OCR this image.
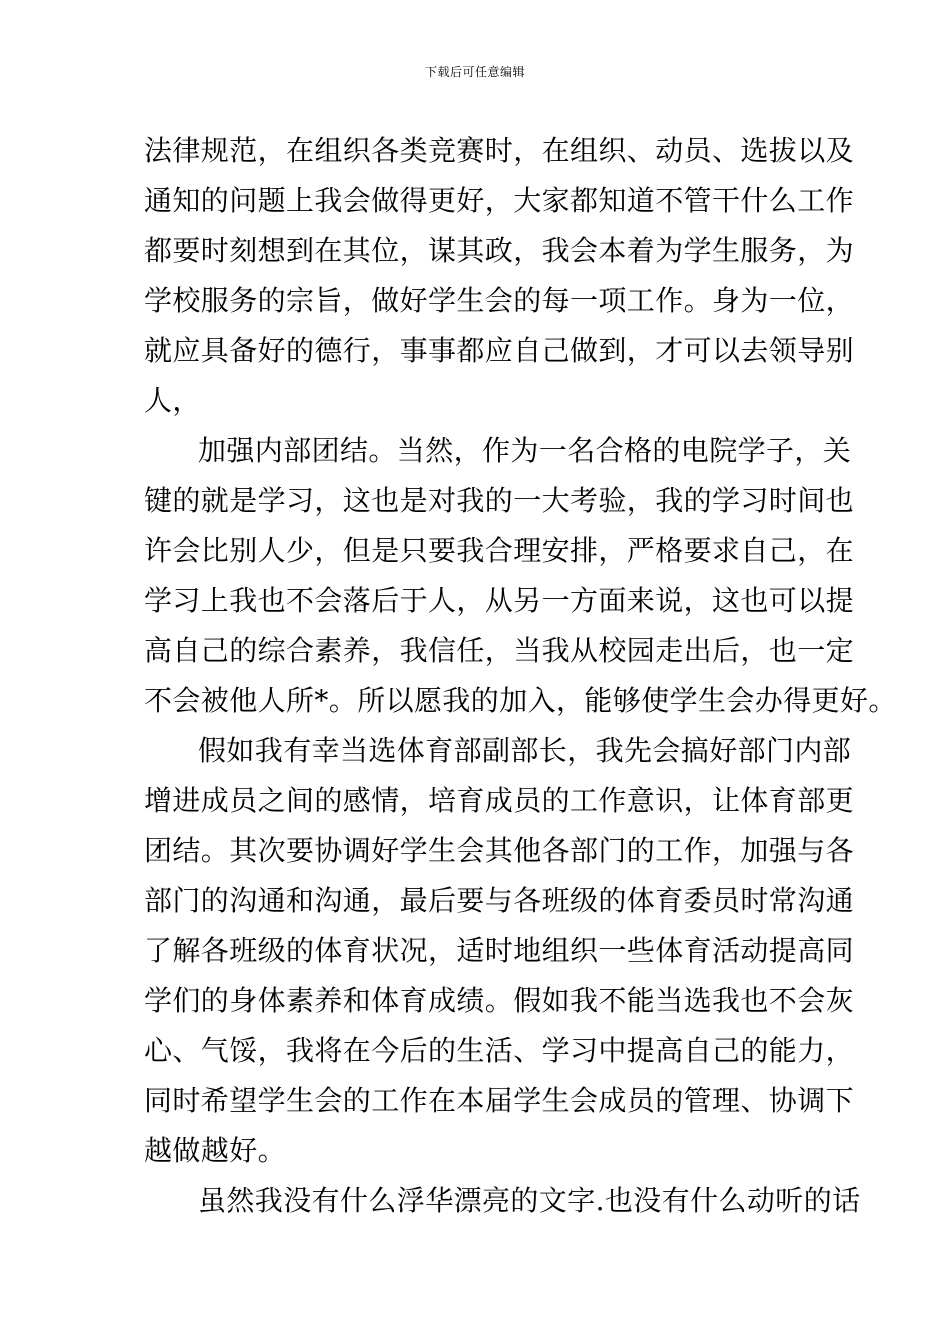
下载后可任意编辑
法律规范，在组织各类竞赛时，在组织、动员、选拔以及
通知的问题上我会做得更好，大家都知道不管干什么工作
都要时刻想到在其位，谋其政，我会本着为学生服务，为
学校服务的宗旨，做好学生会的每一项工作。身为一位，
就应具备好的德行，事事都应自己做到，才可以去领导别
人，
加强内部团结。当然，作为一名合格的电院学子，关
键的就是学习，这也是对我的一大考验，我的学习时间也
许会比别人少，但是只要我合理安排，严格要求自己，在
学习上我也不会落后于人，从另一方面来说，这也可以提
高自己的综合素养，我信任，当我从校园走出后，也一定
不会被他人所*。所以愿我的加入，能够使学生会办得更好。
假如我有幸当选体育部副部长，我先会搞好部门内部
增进成员之间的感情，培育成员的工作意识，让体育部更
团结。其次要协调好学生会其他各部门的工作，加强与各
部门的沟通和沟通，最后要与各班级的体育委员时常沟通
了解各班级的体育状况，适时地组织一些体育活动提高同
学们的身体素养和体育成绩。假如我不能当选我也不会灰
心、气馁，我将在今后的生活、学习中提高自己的能力，
同时希望学生会的工作在本届学生会成员的管理、协调下
越做越好。
虽然我没有什么浮华漂亮的文字.也没有什么动听的话
